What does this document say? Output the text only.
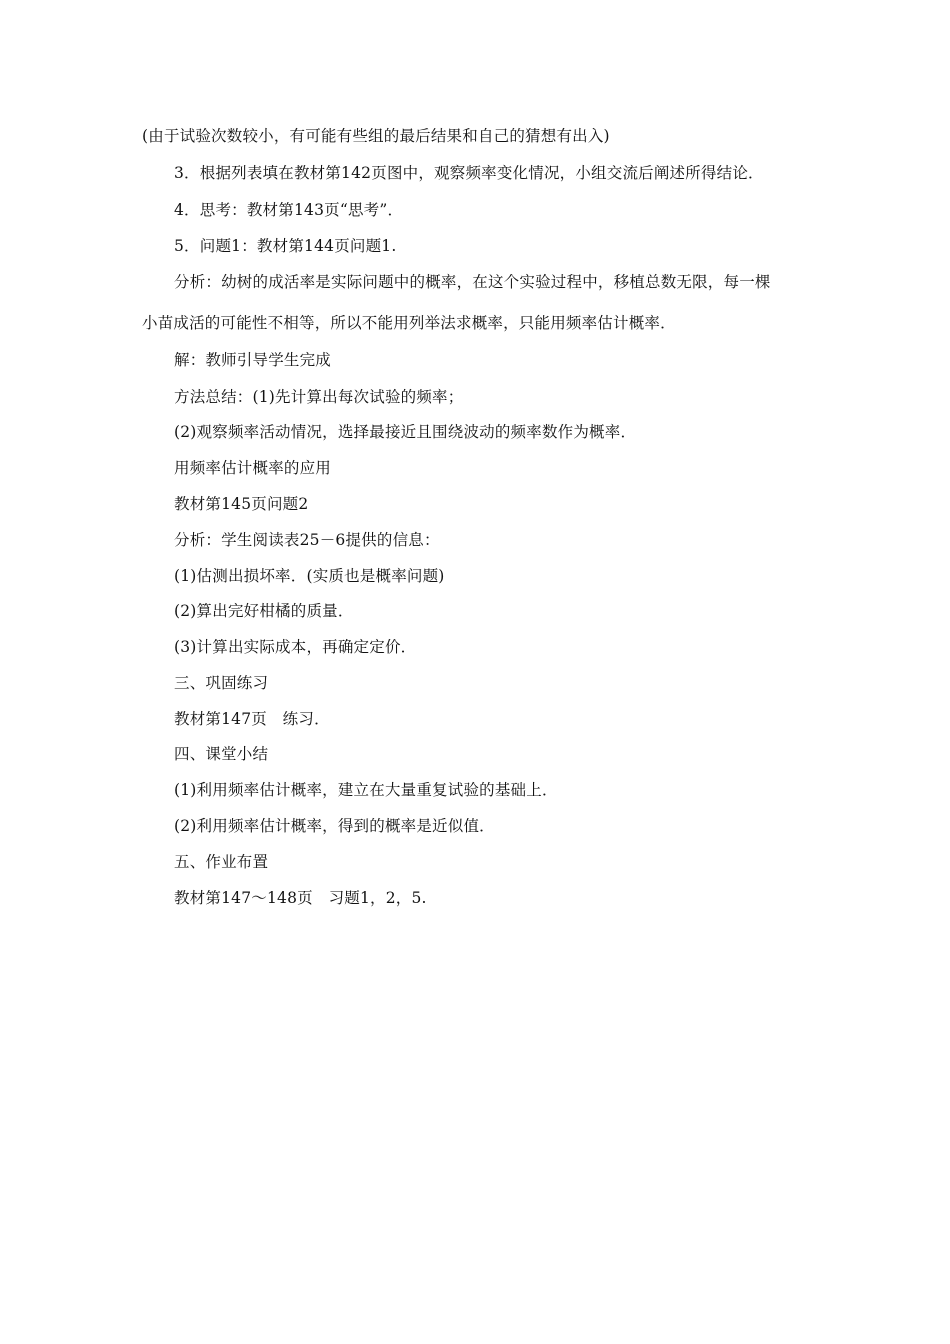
(由于试验次数较小，有可能有些组的最后结果和自己的猜想有出入)
3．根据列表填在教材第142页图中，观察频率变化情况，小组交流后阐述所得结论．
4．思考：教材第143页“思考”．
5．问题1：教材第144页问题1.
分析：幼树的成活率是实际问题中的概率，在这个实验过程中，移植总数无限，每一棵
小苗成活的可能性不相等，所以不能用列举法求概率，只能用频率估计概率．
解：教师引导学生完成
方法总结：(1)先计算出每次试验的频率；
(2)观察频率活动情况，选择最接近且围绕波动的频率数作为概率．
用频率估计概率的应用
教材第145页问题2
分析：学生阅读表25－6提供的信息：
(1)估测出损坏率．(实质也是概率问题)
(2)算出完好柑橘的质量．
(3)计算出实际成本，再确定定价．
三、巩固练习
教材第147页　练习．
四、课堂小结
(1)利用频率估计概率，建立在大量重复试验的基础上．
(2)利用频率估计概率，得到的概率是近似值．
五、作业布置
教材第147～148页　习题1，2，5.
